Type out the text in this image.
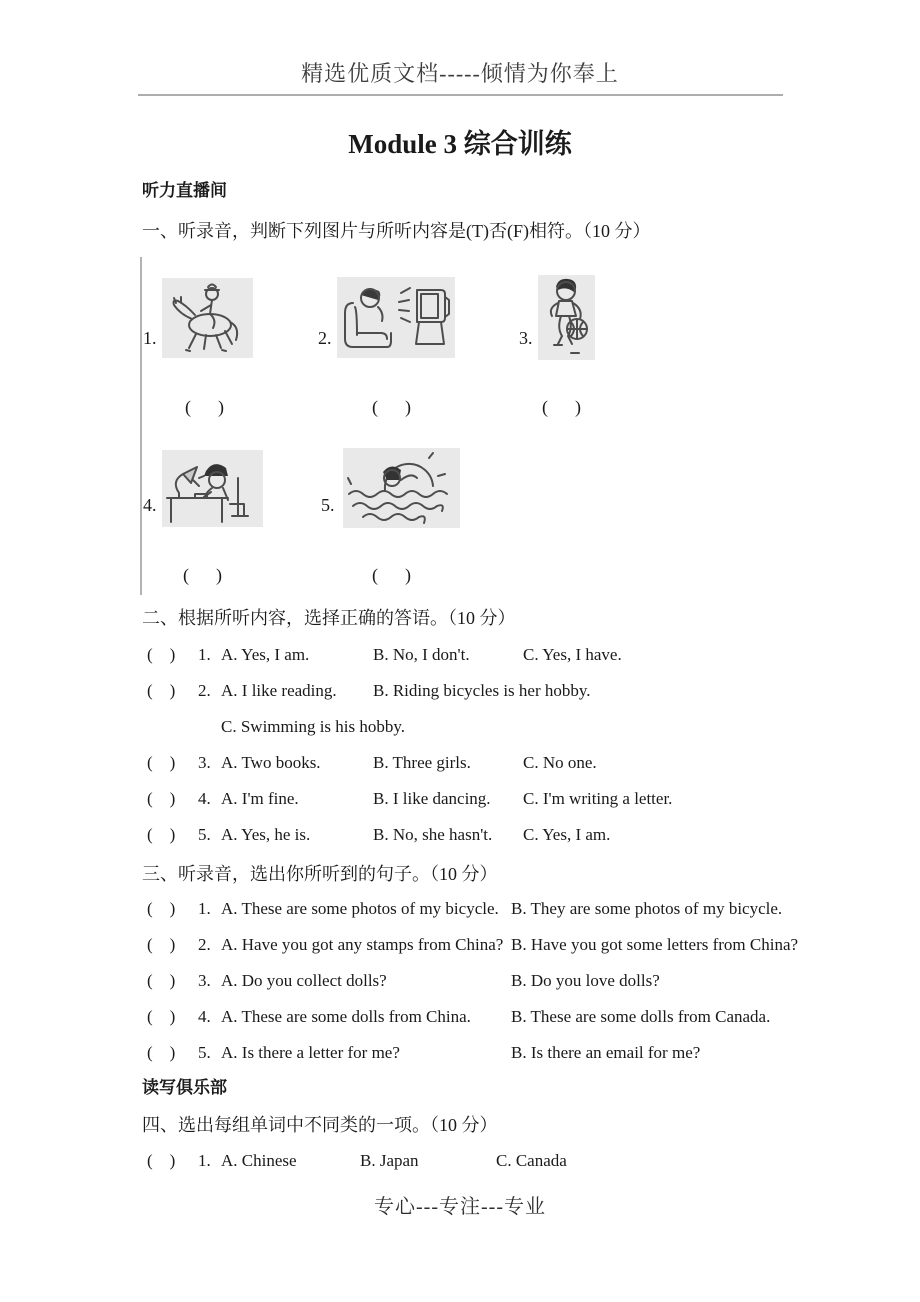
精选优质文档-----倾情为你奉上
Module 3 综合训练
听力直播间
一、听录音，判断下列图片与所听内容是(T)否(F)相符。（10 分）
1.	2.	3.
(      )	(      )	(      )
4.	5.
(      )	(      )
二、根据所听内容，选择正确的答语。（10 分）
(    )	1. A. Yes, I am.	B. No, I don't.	C. Yes, I have.
(    )	2. A. I like reading.	B. Riding bicycles is her hobby.
C. Swimming is his hobby.
(    )	3. A. Two books.	B. Three girls.	C. No one.
(    )	4. A. I'm fine.	B. I like dancing.	C. I'm writing a letter.
(    )	5. A. Yes, he is.	B. No, she hasn't.	C. Yes, I am.
三、听录音，选出你所听到的句子。（10 分）
(    )	1. A. These are some photos of my bicycle. B. They are some photos of my bicycle.
(    )	2. A. Have you got any stamps from China? B. Have you got some letters from China?
(    )	3. A. Do you collect dolls?	B. Do you love dolls?
(    )	4. A. These are some dolls from China.	B. These are some dolls from Canada.
(    )	5. A. Is there a letter for me?	B. Is there an email for me?
读写俱乐部
四、选出每组单词中不同类的一项。（10 分）
(    )	1. A. Chinese	B. Japan	C. Canada
专心---专注---专业
